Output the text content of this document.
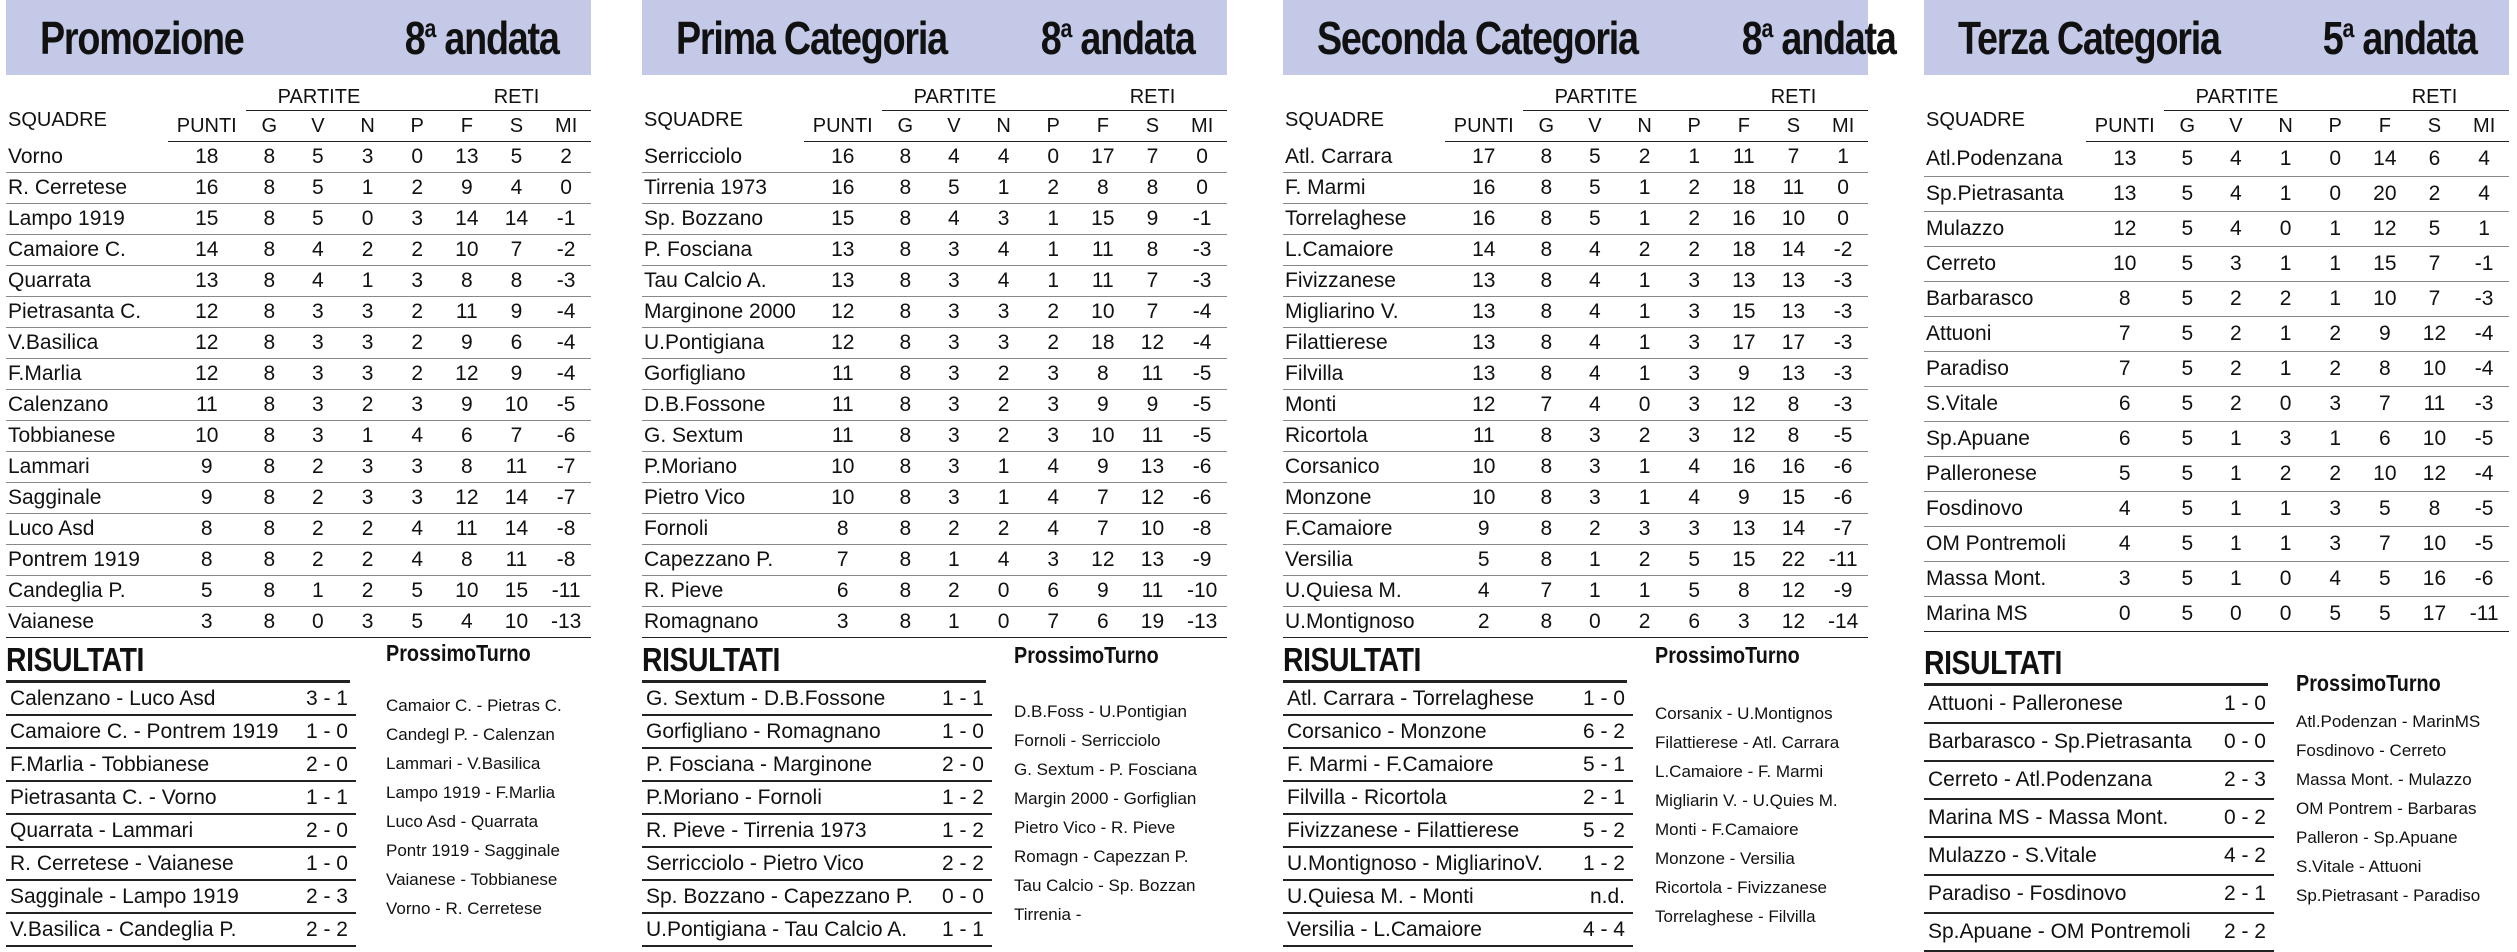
Promozione	8$^a$ andata
		PARTITE				RETI		
SQUADRE	PUNTI	G	V	N	P	F	S	MI
Vorno	18	8	5	3	0	13	5	2
R. Cerretese	16	8	5	1	2	9	4	0
Lampo 1919	15	8	5	0	3	14	14	-1
Camaiore C.	14	8	4	2	2	10	7	-2
Quarrata	13	8	4	1	3	8	8	-3
Pietrasanta C.	12	8	3	3	2	11	9	-4
V.Basilica	12	8	3	3	2	9	6	-4
F.Marlia	12	8	3	3	2	12	9	-4
Calenzano	11	8	3	2	3	9	10	-5
Tobbianese	10	8	3	1	4	6	7	-6
Lammari	9	8	2	3	3	8	11	-7
Sagginale	9	8	2	3	3	12	14	-7
Luco Asd	8	8	2	2	4	11	14	-8
Pontrem 1919	8	8	2	2	4	8	11	-8
Candeglia P.	5	8	1	2	5	10	15	-11
Vaianese	3	8	0	3	5	4	10	-13
RISULTATI
Calenzano - Luco Asd	3 - 1
Camaiore C. - Pontrem 1919 1 - 0
F.Marlia - Tobbianese	2 - 0
Pietrasanta C. - Vorno	1 - 1
Quarrata - Lammari	2 - 0
R. Cerretese - Vaianese	1 - 0
Sagginale - Lampo 1919	2 - 3
V.Basilica - Candeglia P.	2 - 2
ProssimoTurno
Camaior C. - Pietras C.
Candegl P. - Calenzan
Lammari - V.Basilica
Lampo 1919 - F.Marlia
Luco Asd - Quarrata
Pontr 1919 - Sagginale
Vaianese - Tobbianese
Vorno - R. Cerretese
Prima Categoria 8$^a$ andata
		PARTITE				RETI		
SQUADRE	PUNTI	G	V	N	P	F	S	MI
Serricciolo	16	8	4	4	0	17	7	0
Tirrenia 1973	16	8	5	1	2	8	8	0
Sp. Bozzano	15	8	4	3	1	15	9	-1
P. Fosciana	13	8	3	4	1	11	8	-3
Tau Calcio A.	13	8	3	4	1	11	7	-3
Marginone 2000	12	8	3	3	2	10	7	-4
U.Pontigiana	12	8	3	3	2	18	12	-4
Gorfigliano	11	8	3	2	3	8	11	-5
D.B.Fossone	11	8	3	2	3	9	9	-5
G. Sextum	11	8	3	2	3	10	11	-5
P.Moriano	10	8	3	1	4	9	13	-6
Pietro Vico	10	8	3	1	4	7	12	-6
Fornoli	8	8	2	2	4	7	10	-8
Capezzano P.	7	8	1	4	3	12	13	-9
R. Pieve	6	8	2	0	6	9	11	-10
Romagnano	3	8	1	0	7	6	19	-13
RISULTATI
G. Sextum - D.B.Fossone	1 - 1
Gorfigliano - Romagnano	1 - 0
P. Fosciana - Marginone	2 - 0
P.Moriano - Fornoli	1 - 2
R. Pieve - Tirrenia 1973	1 - 2
Serricciolo - Pietro Vico	2 - 2
Sp. Bozzano - Capezzano P. 0 - 0
U.Pontigiana - Tau Calcio A. 1 - 1
ProssimoTurno
D.B.Foss - U.Pontigian
Fornoli - Serricciolo
G. Sextum - P. Fosciana
Margin 2000 - Gorfiglian
Pietro Vico - R. Pieve
Romagn - Capezzan P.
Tau Calcio - Sp. Bozzan
Tirrenia -
Seconda Categoria 8$^a$ andata
		PARTITE				RETI		
SQUADRE	PUNTI	G	V	N	P	F	S	MI
Atl. Carrara	17	8	5	2	1	11	7	1
F. Marmi	16	8	5	1	2	18	11	0
Torrelaghese	16	8	5	1	2	16	10	0
L.Camaiore	14	8	4	2	2	18	14	-2
Fivizzanese	13	8	4	1	3	13	13	-3
Migliarino V.	13	8	4	1	3	15	13	-3
Filattierese	13	8	4	1	3	17	17	-3
Filvilla	13	8	4	1	3	9	13	-3
Monti	12	7	4	0	3	12	8	-3
Ricortola	11	8	3	2	3	12	8	-5
Corsanico	10	8	3	1	4	16	16	-6
Monzone	10	8	3	1	4	9	15	-6
F.Camaiore	9	8	2	3	3	13	14	-7
Versilia	5	8	1	2	5	15	22	-11
U.Quiesa M.	4	7	1	1	5	8	12	-9
U.Montignoso	2	8	0	2	6	3	12	-14
RISULTATI
Atl. Carrara - Torrelaghese 1 - 0
Corsanico - Monzone	6 - 2
F. Marmi - F.Camaiore	5 - 1
Filvilla - Ricortola	2 - 1
Fivizzanese - Filattierese	5 - 2
U.Montignoso - MigliarinoV. 1 - 2
U.Quiesa M. - Monti	n.d.
Versilia - L.Camaiore	4 - 4
ProssimoTurno
Corsanix - U.Montignos
Filattierese - Atl. Carrara
L.Camaiore - F. Marmi
Migliarin V. - U.Quies M.
Monti - F.Camaiore
Monzone - Versilia
Ricortola - Fivizzanese
Torrelaghese - Filvilla
Terza Categoria 5$^a$ andata
		PARTITE				RETI		
SQUADRE	PUNTI	G	V	N	P	F	S	MI
Atl.Podenzana	13	5	4	1	0	14	6	4
Sp.Pietrasanta	13	5	4	1	0	20	2	4
Mulazzo	12	5	4	0	1	12	5	1
Cerreto	10	5	3	1	1	15	7	-1
Barbarasco	8	5	2	2	1	10	7	-3
Attuoni	7	5	2	1	2	9	12	-4
Paradiso	7	5	2	1	2	8	10	-4
S.Vitale	6	5	2	0	3	7	11	-3
Sp.Apuane	6	5	1	3	1	6	10	-5
Palleronese	5	5	1	2	2	10	12	-4
Fosdinovo	4	5	1	1	3	5	8	-5
OM Pontremoli	4	5	1	1	3	7	10	-5
Massa Mont.	3	5	1	0	4	5	16	-6
Marina MS	0	5	0	0	5	5	17	-11
RISULTATI
Attuoni - Palleronese	1 - 0
Barbarasco - Sp.Pietrasanta 0 - 0
Cerreto - Atl.Podenzana	2 - 3
Marina MS - Massa Mont.	0 - 2
Mulazzo - S.Vitale	4 - 2
Paradiso - Fosdinovo	2 - 1
Sp.Apuane - OM Pontremoli 2 - 2
ProssimoTurno
Atl.Podenzan - MarinMS
Fosdinovo - Cerreto
Massa Mont. - Mulazzo
OM Pontrem - Barbaras
Palleron - Sp.Apuane
S.Vitale - Attuoni
Sp.Pietrasant - Paradiso
